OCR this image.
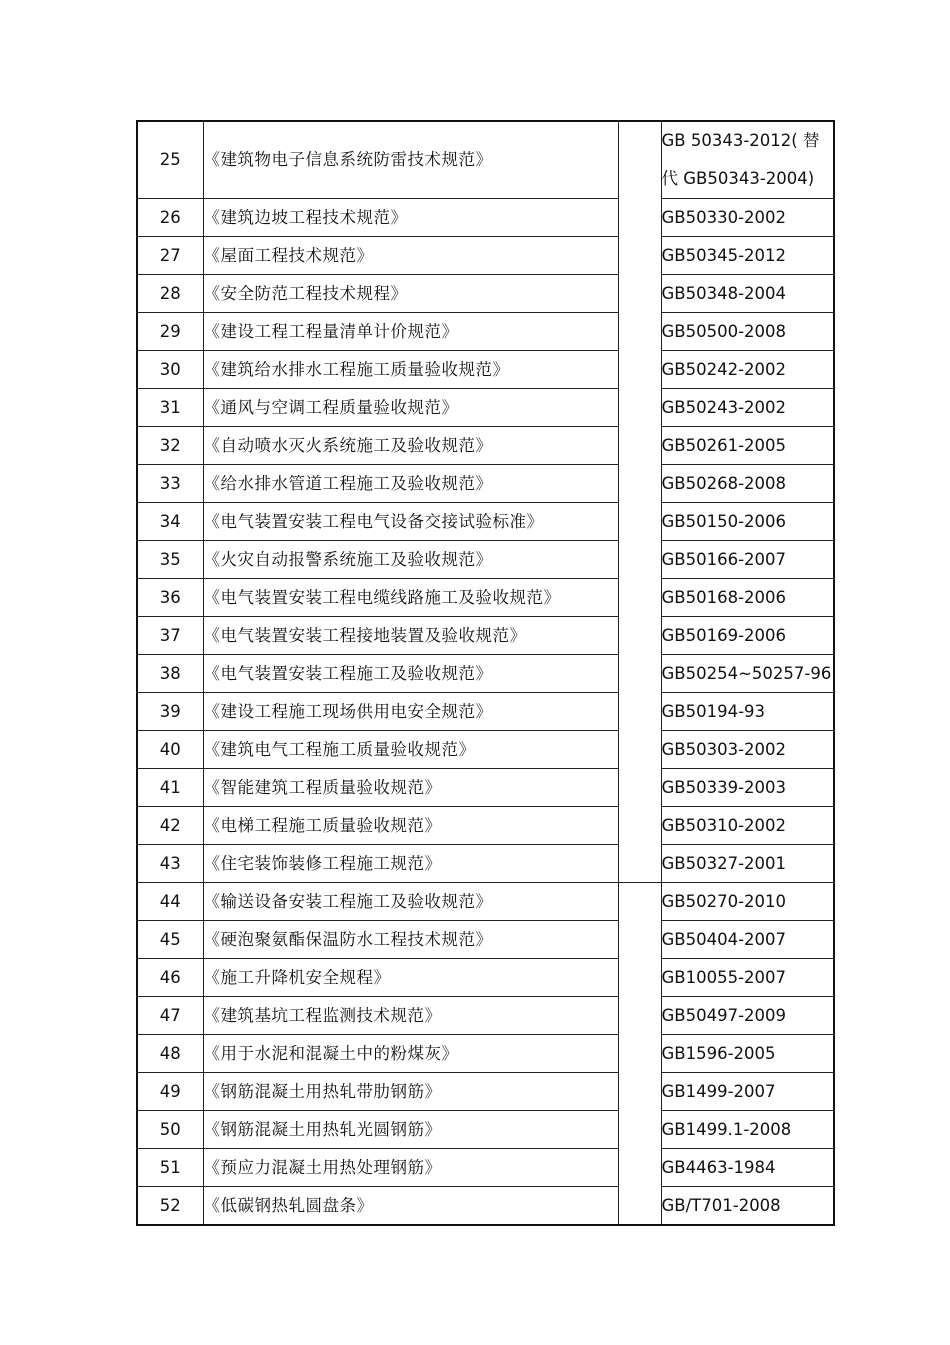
25	《建筑物电子信息系统防雷技术规范》		GB 50343-2012( 替代 GB50343-2004)

26	《建筑边坡工程技术规范》		GB50330-2002
27	《屋面工程技术规范》		GB50345-2012
28	《安全防范工程技术规程》		GB50348-2004
29	《建设工程工程量清单计价规范》		GB50500-2008
30	《建筑给水排水工程施工质量验收规范》		GB50242-2002
31	《通风与空调工程质量验收规范》		GB50243-2002
32	《自动喷水灭火系统施工及验收规范》		GB50261-2005
33	《给水排水管道工程施工及验收规范》		GB50268-2008
34	《电气装置安装工程电气设备交接试验标准》		GB50150-2006
35	《火灾自动报警系统施工及验收规范》		GB50166-2007
36	《电气装置安装工程电缆线路施工及验收规范》		GB50168-2006
37	《电气装置安装工程接地装置及验收规范》		GB50169-2006
38	《电气装置安装工程施工及验收规范》		GB50254~50257-96
39	《建设工程施工现场供用电安全规范》		GB50194-93
40	《建筑电气工程施工质量验收规范》		GB50303-2002
41	《智能建筑工程质量验收规范》		GB50339-2003
42	《电梯工程施工质量验收规范》		GB50310-2002
43	《住宅装饰装修工程施工规范》		GB50327-2001
44	《输送设备安装工程施工及验收规范》		GB50270-2010
45	《硬泡聚氨酯保温防水工程技术规范》		GB50404-2007
46	《施工升降机安全规程》		GB10055-2007
47	《建筑基坑工程监测技术规范》		GB50497-2009
48	《用于水泥和混凝土中的粉煤灰》		GB1596-2005
49	《钢筋混凝土用热轧带肋钢筋》		GB1499-2007
50	《钢筋混凝土用热轧光圆钢筋》		GB1499.1-2008
51	《预应力混凝土用热处理钢筋》		GB4463-1984
52	《低碳钢热轧圆盘条》		GB/T701-2008
